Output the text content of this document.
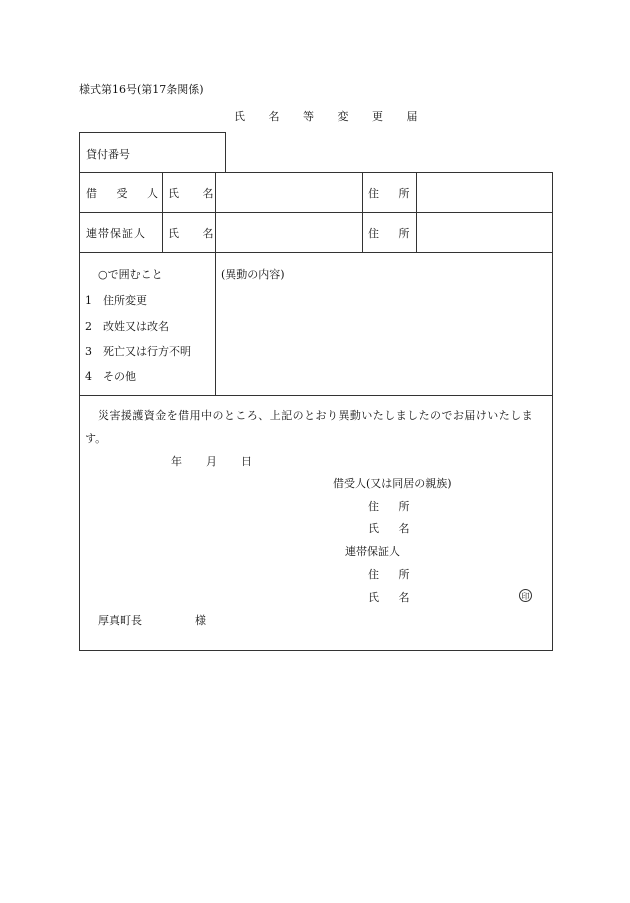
様式第16号(第17条関係)
氏 名 等 変 更 届
貸付番号
借 受 人 氏 名	住 所
連帯保証人 氏 名	住 所
○で囲むこと
1 住所変更
2 改姓又は改名
3 死亡又は行方不明
4 その他
(異動の内容)
災害援護資金を借用中のところ、上記のとおり異動いたしましたのでお届けいたしま
す。
年 月 日
借受人(又は同居の親族)
住 所
氏 名
連帯保証人
住 所
氏 名	印
厚真町長	様
